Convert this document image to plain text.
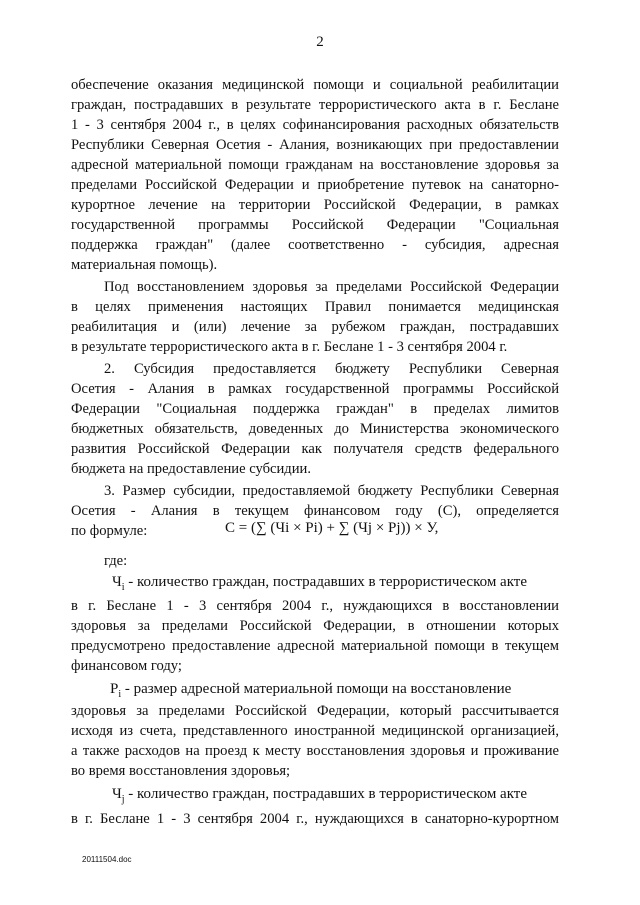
2
обеспечение оказания медицинской помощи и социальной реабилитации
граждан, пострадавших в результате террористического акта в г. Беслане
1 - 3 сентября 2004 г., в целях софинансирования расходных обязательств
Республики Северная Осетия - Алания, возникающих при предоставлении
адресной материальной помощи гражданам на восстановление здоровья за
пределами Российской Федерации и приобретение путевок на санаторно-
курортное лечение на территории Российской Федерации, в рамках
государственной программы Российской Федерации "Социальная
поддержка граждан" (далее соответственно - субсидия, адресная
материальная помощь).
Под восстановлением здоровья за пределами Российской Федерации
в целях применения настоящих Правил понимается медицинская
реабилитация и (или) лечение за рубежом граждан, пострадавших
в результате террористического акта в г. Беслане 1 - 3 сентября 2004 г.
2. Субсидия предоставляется бюджету Республики Северная
Осетия - Алания в рамках государственной программы Российской
Федерации "Социальная поддержка граждан" в пределах лимитов
бюджетных обязательств, доведенных до Министерства экономического
развития Российской Федерации как получателя средств федерального
бюджета на предоставление субсидии.
3. Размер субсидии, предоставляемой бюджету Республики Северная
Осетия - Алания в текущем финансовом году (С), определяется
по формуле:	С = (∑ (Чi × Рi) + ∑ (Чj × Рj)) × У,
где:
$Ч_i$ - количество граждан, пострадавших в террористическом акте
в г. Беслане 1 - 3 сентября 2004 г., нуждающихся в восстановлении
здоровья за пределами Российской Федерации, в отношении которых
предусмотрено предоставление адресной материальной помощи в текущем
финансовом году;
$Р_i$ - размер адресной материальной помощи на восстановление
здоровья за пределами Российской Федерации, который рассчитывается
исходя из счета, представленного иностранной медицинской организацией,
а также расходов на проезд к месту восстановления здоровья и проживание
во время восстановления здоровья;
$Ч_j$ - количество граждан, пострадавших в террористическом акте
в г. Беслане 1 - 3 сентября 2004 г., нуждающихся в санаторно-курортном
20111504.doc
